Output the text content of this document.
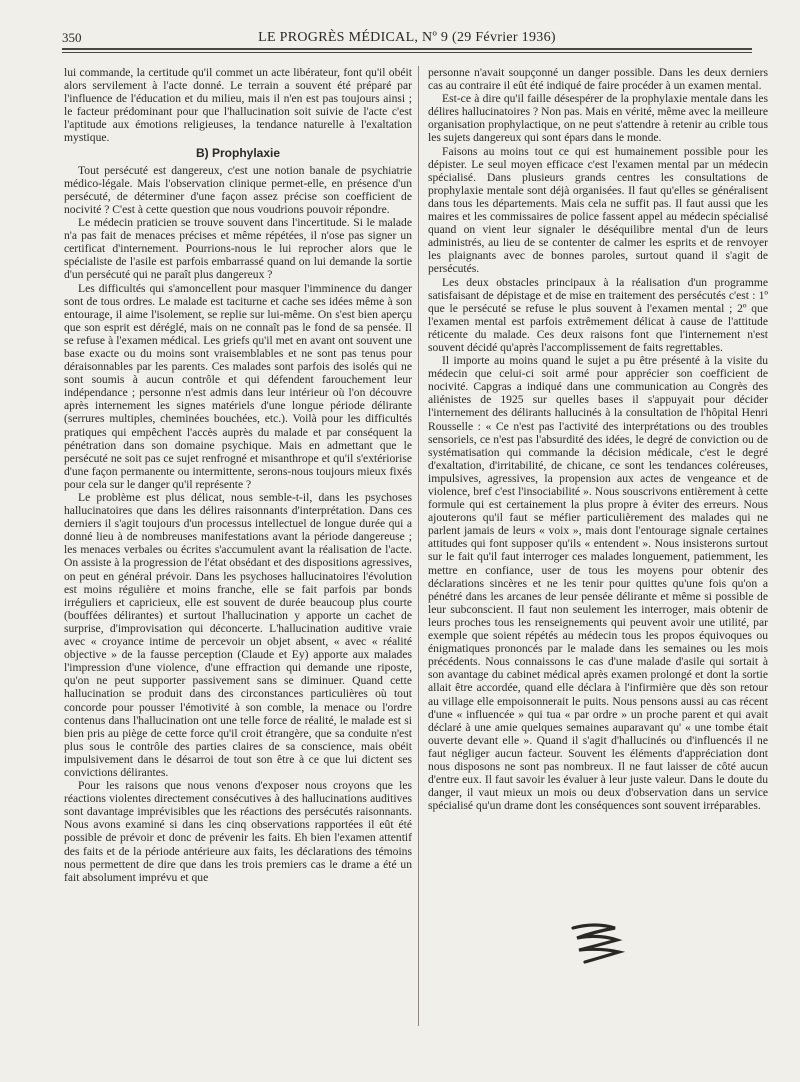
350	LE PROGRÈS MÉDICAL, Nº 9 (29 Février 1936)

lui commande, la certitude qu'il commet un acte libérateur, font qu'il obéit alors servilement à l'acte donné. Le terrain a souvent été préparé par l'influence de l'éducation et du milieu, mais il n'en est pas toujours ainsi ; le facteur prédominant pour que l'hallucination soit suivie de l'acte c'est l'aptitude aux émotions religieuses, la tendance naturelle à l'exaltation mystique.

B) Prophylaxie

Tout persécuté est dangereux, c'est une notion banale de psychiatrie médico-légale. Mais l'observation clinique permet-elle, en présence d'un persécuté, de déterminer d'une façon assez précise son coefficient de nocivité ? C'est à cette question que nous voudrions pouvoir répondre.

Le médecin praticien se trouve souvent dans l'incertitude. Si le malade n'a pas fait de menaces précises et même répétées, il n'ose pas signer un certificat d'internement. Pourrions-nous le lui reprocher alors que le spécialiste de l'asile est parfois embarrassé quand on lui demande la sortie d'un persécuté qui ne paraît plus dangereux ?

Les difficultés qui s'amoncellent pour masquer l'imminence du danger sont de tous ordres. Le malade est taciturne et cache ses idées même à son entourage, il aime l'isolement, se replie sur lui-même. On s'est bien aperçu que son esprit est déréglé, mais on ne connaît pas le fond de sa pensée. Il se refuse à l'examen médical. Les griefs qu'il met en avant ont souvent une base exacte ou du moins sont vraisemblables et ne sont pas tenus pour déraisonnables par les parents. Ces malades sont parfois des isolés qui ne sont soumis à aucun contrôle et qui défendent farouchement leur indépendance ; personne n'est admis dans leur intérieur où l'on découvre après internement les signes matériels d'une longue période délirante (serrures multiples, cheminées bouchées, etc.). Voilà pour les difficultés pratiques qui empêchent l'accès auprès du malade et par conséquent la pénétration dans son domaine psychique. Mais en admettant que le persécuté ne soit pas ce sujet renfrogné et misanthrope et qu'il s'extériorise d'une façon permanente ou intermittente, serons-nous toujours mieux fixés pour cela sur le danger qu'il représente ?

Le problème est plus délicat, nous semble-t-il, dans les psychoses hallucinatoires que dans les délires raisonnants d'interprétation. Dans ces derniers il s'agit toujours d'un processus intellectuel de longue durée qui a donné lieu à de nombreuses manifestations avant la période dangereuse ; les menaces verbales ou écrites s'accumulent avant la réalisation de l'acte. On assiste à la progression de l'état obsédant et des dispositions agressives, on peut en général prévoir. Dans les psychoses hallucinatoires l'évolution est moins régulière et moins franche, elle se fait parfois par bonds irréguliers et capricieux, elle est souvent de durée beaucoup plus courte (bouffées délirantes) et surtout l'hallucination y apporte un cachet de surprise, d'improvisation qui déconcerte. L'hallucination auditive vraie avec « croyance intime de percevoir un objet absent, « avec « réalité objective » de la fausse perception (Claude et Ey) apporte aux malades l'impression d'une violence, d'une effraction qui demande une riposte, qu'on ne peut supporter passivement sans se diminuer. Quand cette hallucination se produit dans des circonstances particulières où tout concorde pour pousser l'émotivité à son comble, la menace ou l'ordre contenus dans l'hallucination ont une telle force de réalité, le malade est si bien pris au piège de cette force qu'il croit étrangère, que sa conduite n'est plus sous le contrôle des parties claires de sa conscience, mais obéit impulsivement dans le désarroi de tout son être à ce que lui dictent ses convictions délirantes.

Pour les raisons que nous venons d'exposer nous croyons que les réactions violentes directement consécutives à des hallucinations auditives sont davantage imprévisibles que les réactions des persécutés raisonnants. Nous avons examiné si dans les cinq observations rapportées il eût été possible de prévoir et donc de prévenir les faits. Eh bien l'examen attentif des faits et de la période antérieure aux faits, les déclarations des témoins nous permettent de dire que dans les trois premiers cas le drame a été un fait absolument imprévu et que

personne n'avait soupçonné un danger possible. Dans les deux derniers cas au contraire il eût été indiqué de faire procéder à un examen mental.

Est-ce à dire qu'il faille désespérer de la prophylaxie mentale dans les délires hallucinatoires ? Non pas. Mais en vérité, même avec la meilleure organisation prophylactique, on ne peut s'attendre à retenir au crible tous les sujets dangereux qui sont épars dans le monde.

Faisons au moins tout ce qui est humainement possible pour les dépister. Le seul moyen efficace c'est l'examen mental par un médecin spécialisé. Dans plusieurs grands centres les consultations de prophylaxie mentale sont déjà organisées. Il faut qu'elles se généralisent dans tous les départements. Mais cela ne suffit pas. Il faut aussi que les maires et les commissaires de police fassent appel au médecin spécialisé quand on vient leur signaler le déséquilibre mental d'un de leurs administrés, au lieu de se contenter de calmer les esprits et de renvoyer les plaignants avec de bonnes paroles, surtout quand il s'agit de persécutés.

Les deux obstacles principaux à la réalisation d'un programme satisfaisant de dépistage et de mise en traitement des persécutés c'est : 1º que le persécuté se refuse le plus souvent à l'examen mental ; 2º que l'examen mental est parfois extrêmement délicat à cause de l'attitude réticente du malade. Ces deux raisons font que l'internement n'est souvent décidé qu'après l'accomplissement de faits regrettables.

Il importe au moins quand le sujet a pu être présenté à la visite du médecin que celui-ci soit armé pour apprécier son coefficient de nocivité. Capgras a indiqué dans une communication au Congrès des aliénistes de 1925 sur quelles bases il s'appuyait pour décider l'internement des délirants hallucinés à la consultation de l'hôpital Henri Rousselle : « Ce n'est pas l'activité des interprétations ou des troubles sensoriels, ce n'est pas l'absurdité des idées, le degré de conviction ou de systématisation qui commande la décision médicale, c'est le degré d'exaltation, d'irritabilité, de chicane, ce sont les tendances coléreuses, impulsives, agressives, la propension aux actes de vengeance et de violence, bref c'est l'insociabilité ». Nous souscrivons entièrement à cette formule qui est certainement la plus propre à éviter des erreurs. Nous ajouterons qu'il faut se méfier particulièrement des malades qui ne parlent jamais de leurs « voix », mais dont l'entourage signale certaines attitudes qui font supposer qu'ils « entendent ». Nous insisterons surtout sur le fait qu'il faut interroger ces malades longuement, patiemment, les mettre en confiance, user de tous les moyens pour obtenir des déclarations sincères et ne les tenir pour quittes qu'une fois qu'on a pénétré dans les arcanes de leur pensée délirante et même si possible de leur subconscient. Il faut non seulement les interroger, mais obtenir de leurs proches tous les renseignements qui peuvent avoir une utilité, par exemple que soient répétés au médecin tous les propos équivoques ou énigmatiques prononcés par le malade dans les semaines ou les mois précédents. Nous connaissons le cas d'une malade d'asile qui sortait à son avantage du cabinet médical après examen prolongé et dont la sortie allait être accordée, quand elle déclara à l'infirmière que dès son retour au village elle empoisonnerait le puits. Nous pensons aussi au cas récent d'une « influencée » qui tua « par ordre » un proche parent et qui avait déclaré à une amie quelques semaines auparavant qu' « une tombe était ouverte devant elle ». Quand il s'agit d'hallucinés ou d'influencés il ne faut négliger aucun facteur. Souvent les éléments d'appréciation dont nous disposons ne sont pas nombreux. Il ne faut laisser de côté aucun d'entre eux. Il faut savoir les évaluer à leur juste valeur. Dans le doute du danger, il vaut mieux un mois ou deux d'observation dans un service spécialisé qu'un drame dont les conséquences sont souvent irréparables.
